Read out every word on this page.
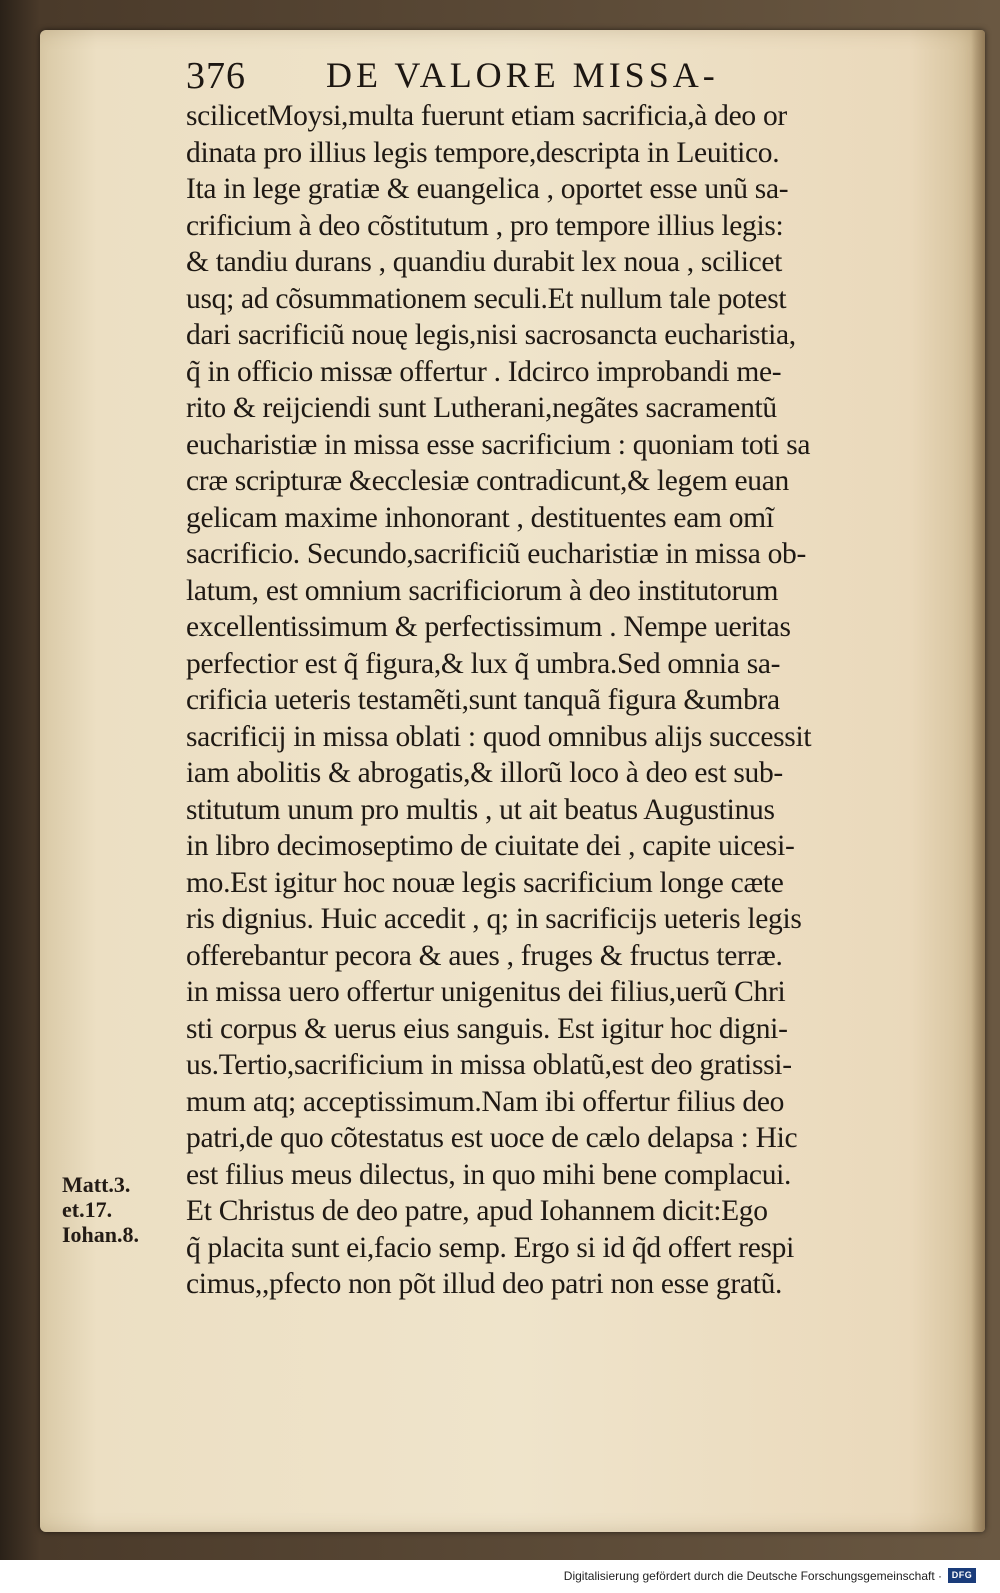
376 DE VALORE MISSA-
scilicetMoysi,multa fuerunt etiam sacrificia,à deo or
dinata pro illius legis tempore,descripta in Leuitico.
Ita in lege gratiæ & euangelica , oportet esse unũ sa-
crificium à deo cõstitutum , pro tempore illius legis:
& tandiu durans , quandiu durabit lex noua , scilicet
usq; ad cõsummationem seculi.Et nullum tale potest
dari sacrificiũ nouę legis,nisi sacrosancta eucharistia,
q̃ in officio missæ offertur . Idcirco improbandi me-
rito & reijciendi sunt Lutherani,negãtes sacramentũ
eucharistiæ in missa esse sacrificium : quoniam toti sa
cræ scripturæ &ecclesiæ contradicunt,& legem euan
gelicam maxime inhonorant , destituentes eam omĩ
sacrificio. Secundo,sacrificiũ eucharistiæ in missa ob-
latum, est omnium sacrificiorum à deo institutorum
excellentissimum & perfectissimum . Nempe ueritas
perfectior est q̃ figura,& lux q̃ umbra.Sed omnia sa-
crificia ueteris testamẽti,sunt tanquã figura &umbra
sacrificij in missa oblati : quod omnibus alijs successit
iam abolitis & abrogatis,& illorũ loco à deo est sub-
stitutum unum pro multis , ut ait beatus Augustinus
in libro decimoseptimo de ciuitate dei , capite uicesi-
mo.Est igitur hoc nouæ legis sacrificium longe cæte
ris dignius. Huic accedit , q; in sacrificijs ueteris legis
offerebantur pecora & aues , fruges & fructus terræ.
in missa uero offertur unigenitus dei filius,uerũ Chri
sti corpus & uerus eius sanguis. Est igitur hoc digni-
us.Tertio,sacrificium in missa oblatũ,est deo gratissi-
mum atq; acceptissimum.Nam ibi offertur filius deo
patri,de quo cõtestatus est uoce de cælo delapsa : Hic
est filius meus dilectus, in quo mihi bene complacui.
Et Christus de deo patre, apud Iohannem dicit:Ego
q̃ placita sunt ei,facio semp. Ergo si id q̃d offert respi
cimus,,pfecto non põt illud deo patri non esse gratũ.
Matt.3.
et.17.
Iohan.8.
Digitalisierung gefördert durch die Deutsche Forschungsgemeinschaft ·	DFG
